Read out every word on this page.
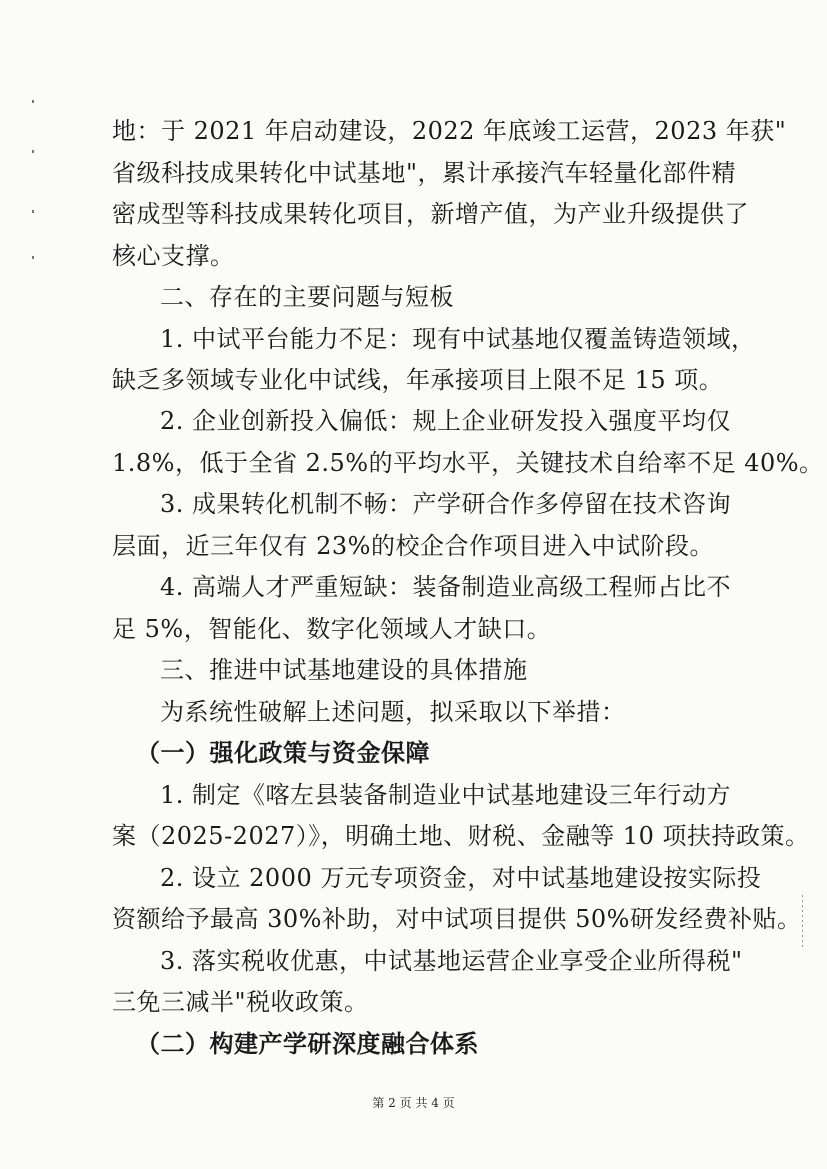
地：于 2021 年启动建设，2022 年底竣工运营，2023 年获"
省级科技成果转化中试基地"，累计承接汽车轻量化部件精
密成型等科技成果转化项目，新增产值，为产业升级提供了
核心支撑。
二、存在的主要问题与短板
1. 中试平台能力不足：现有中试基地仅覆盖铸造领域，
缺乏多领域专业化中试线，年承接项目上限不足 15 项。
2. 企业创新投入偏低：规上企业研发投入强度平均仅
1.8%，低于全省 2.5%的平均水平，关键技术自给率不足 40%。
3. 成果转化机制不畅：产学研合作多停留在技术咨询
层面，近三年仅有 23%的校企合作项目进入中试阶段。
4. 高端人才严重短缺：装备制造业高级工程师占比不
足 5%，智能化、数字化领域人才缺口。
三、推进中试基地建设的具体措施
为系统性破解上述问题，拟采取以下举措：
（一）强化政策与资金保障
1. 制定《喀左县装备制造业中试基地建设三年行动方
案（2025-2027）》，明确土地、财税、金融等 10 项扶持政策。
2. 设立 2000 万元专项资金，对中试基地建设按实际投
资额给予最高 30%补助，对中试项目提供 50%研发经费补贴。
3. 落实税收优惠，中试基地运营企业享受企业所得税"
三免三减半"税收政策。
（二）构建产学研深度融合体系
第 2 页 共 4 页
